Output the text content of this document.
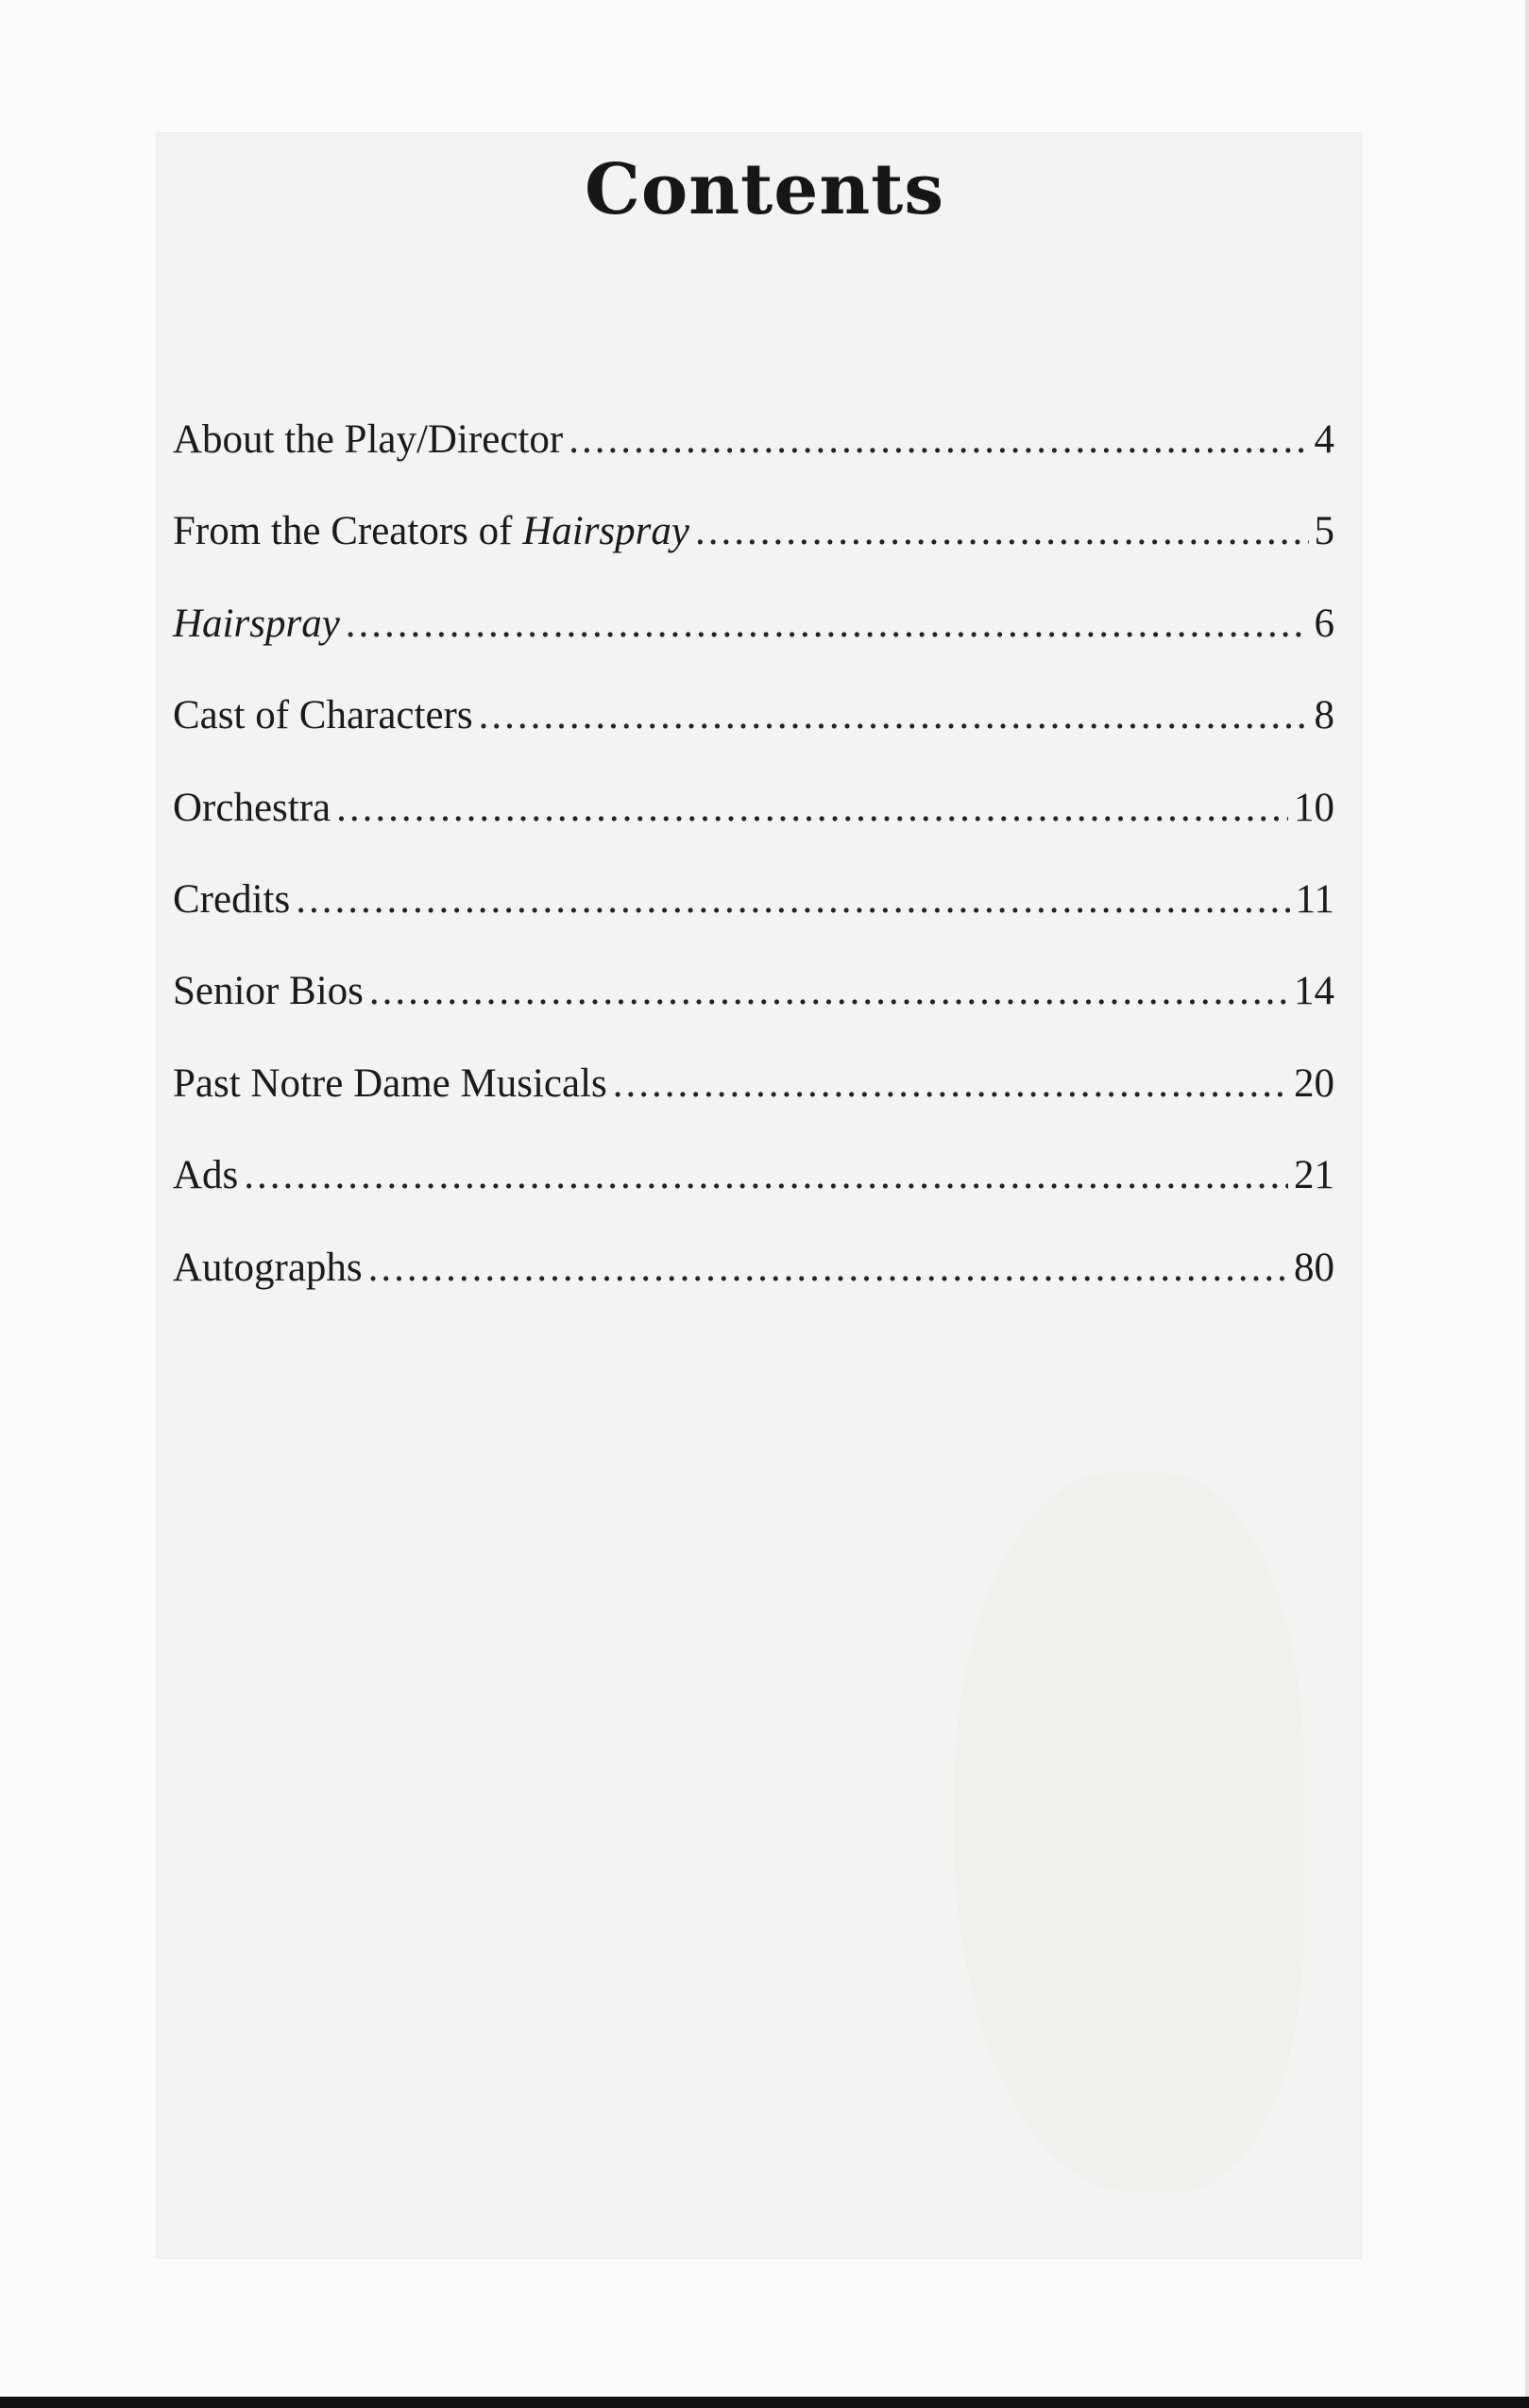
Contents
About the Play/Director .....	4
From the Creators of Hairspray .....	5
Hairspray .....	6
Cast of Characters .....	8
Orchestra .....	10
Credits .....	11
Senior Bios .....	14
Past Notre Dame Musicals .....	20
Ads .....	21
Autographs .....	80
